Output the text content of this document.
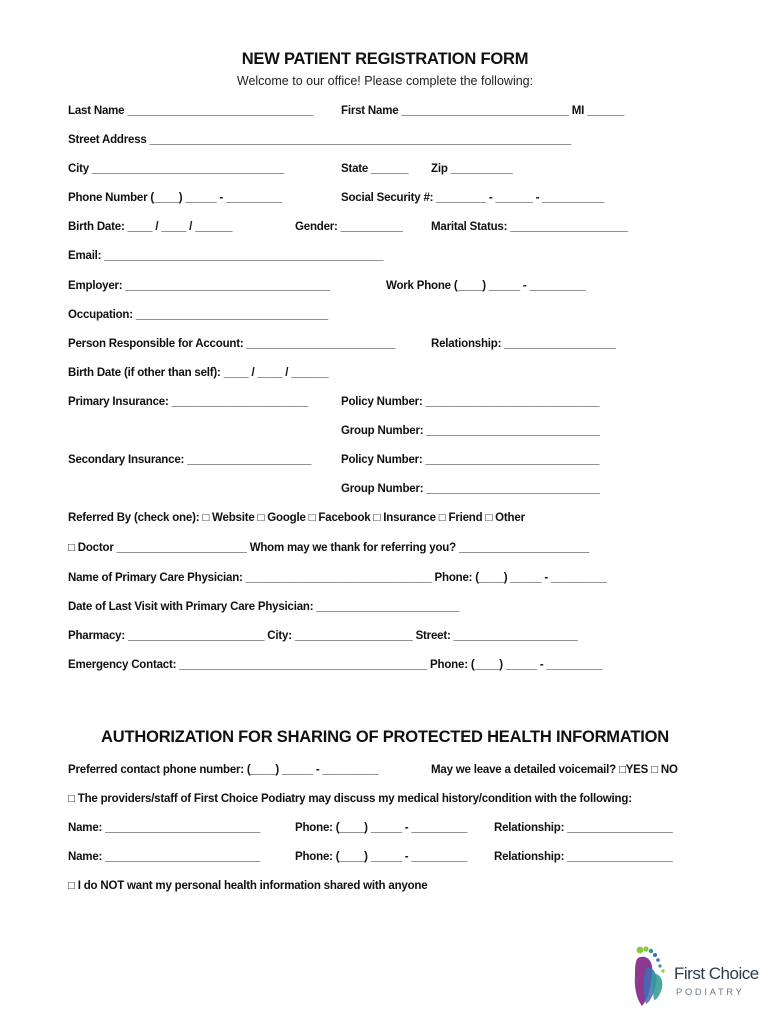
NEW PATIENT REGISTRATION FORM
Welcome to our office! Please complete the following:
Last Name ______________________________ First Name ___________________________ MI ______
Street Address ____________________________________________________________________
City _______________________________	State ______ Zip __________
Phone Number (____) _____ - _________	Social Security #: ________ - ______ - __________
Birth Date: ____ / ____ / ______	Gender: __________ Marital Status: ___________________
Email: _____________________________________________
Employer: _________________________________	Work Phone (____) _____ - _________
Occupation: _______________________________
Person Responsible for Account: ________________________	Relationship: __________________
Birth Date (if other than self): ____ / ____ / ______
Primary Insurance: ______________________	Policy Number: ____________________________
Group Number: ____________________________
Secondary Insurance: ____________________	Policy Number: ____________________________
Group Number: ____________________________
Referred By (check one): □ Website □ Google □ Facebook □ Insurance □ Friend □ Other
□ Doctor _____________________ Whom may we thank for referring you? _____________________
Name of Primary Care Physician: ______________________________ Phone: (____) _____ - _________
Date of Last Visit with Primary Care Physician: _______________________
Pharmacy: ______________________ City: ___________________ Street: ____________________
Emergency Contact: ________________________________________ Phone: (____) _____ - _________
AUTHORIZATION FOR SHARING OF PROTECTED HEALTH INFORMATION
Preferred contact phone number: (____) _____ - _________	May we leave a detailed voicemail? □YES □ NO
□ The providers/staff of First Choice Podiatry may discuss my medical history/condition with the following:
Name: _________________________	Phone: (____) _____ - _________ Relationship: _________________
Name: _________________________	Phone: (____) _____ - _________ Relationship: _________________
□ I do NOT want my personal health information shared with anyone
First Choice
PODIATRY
